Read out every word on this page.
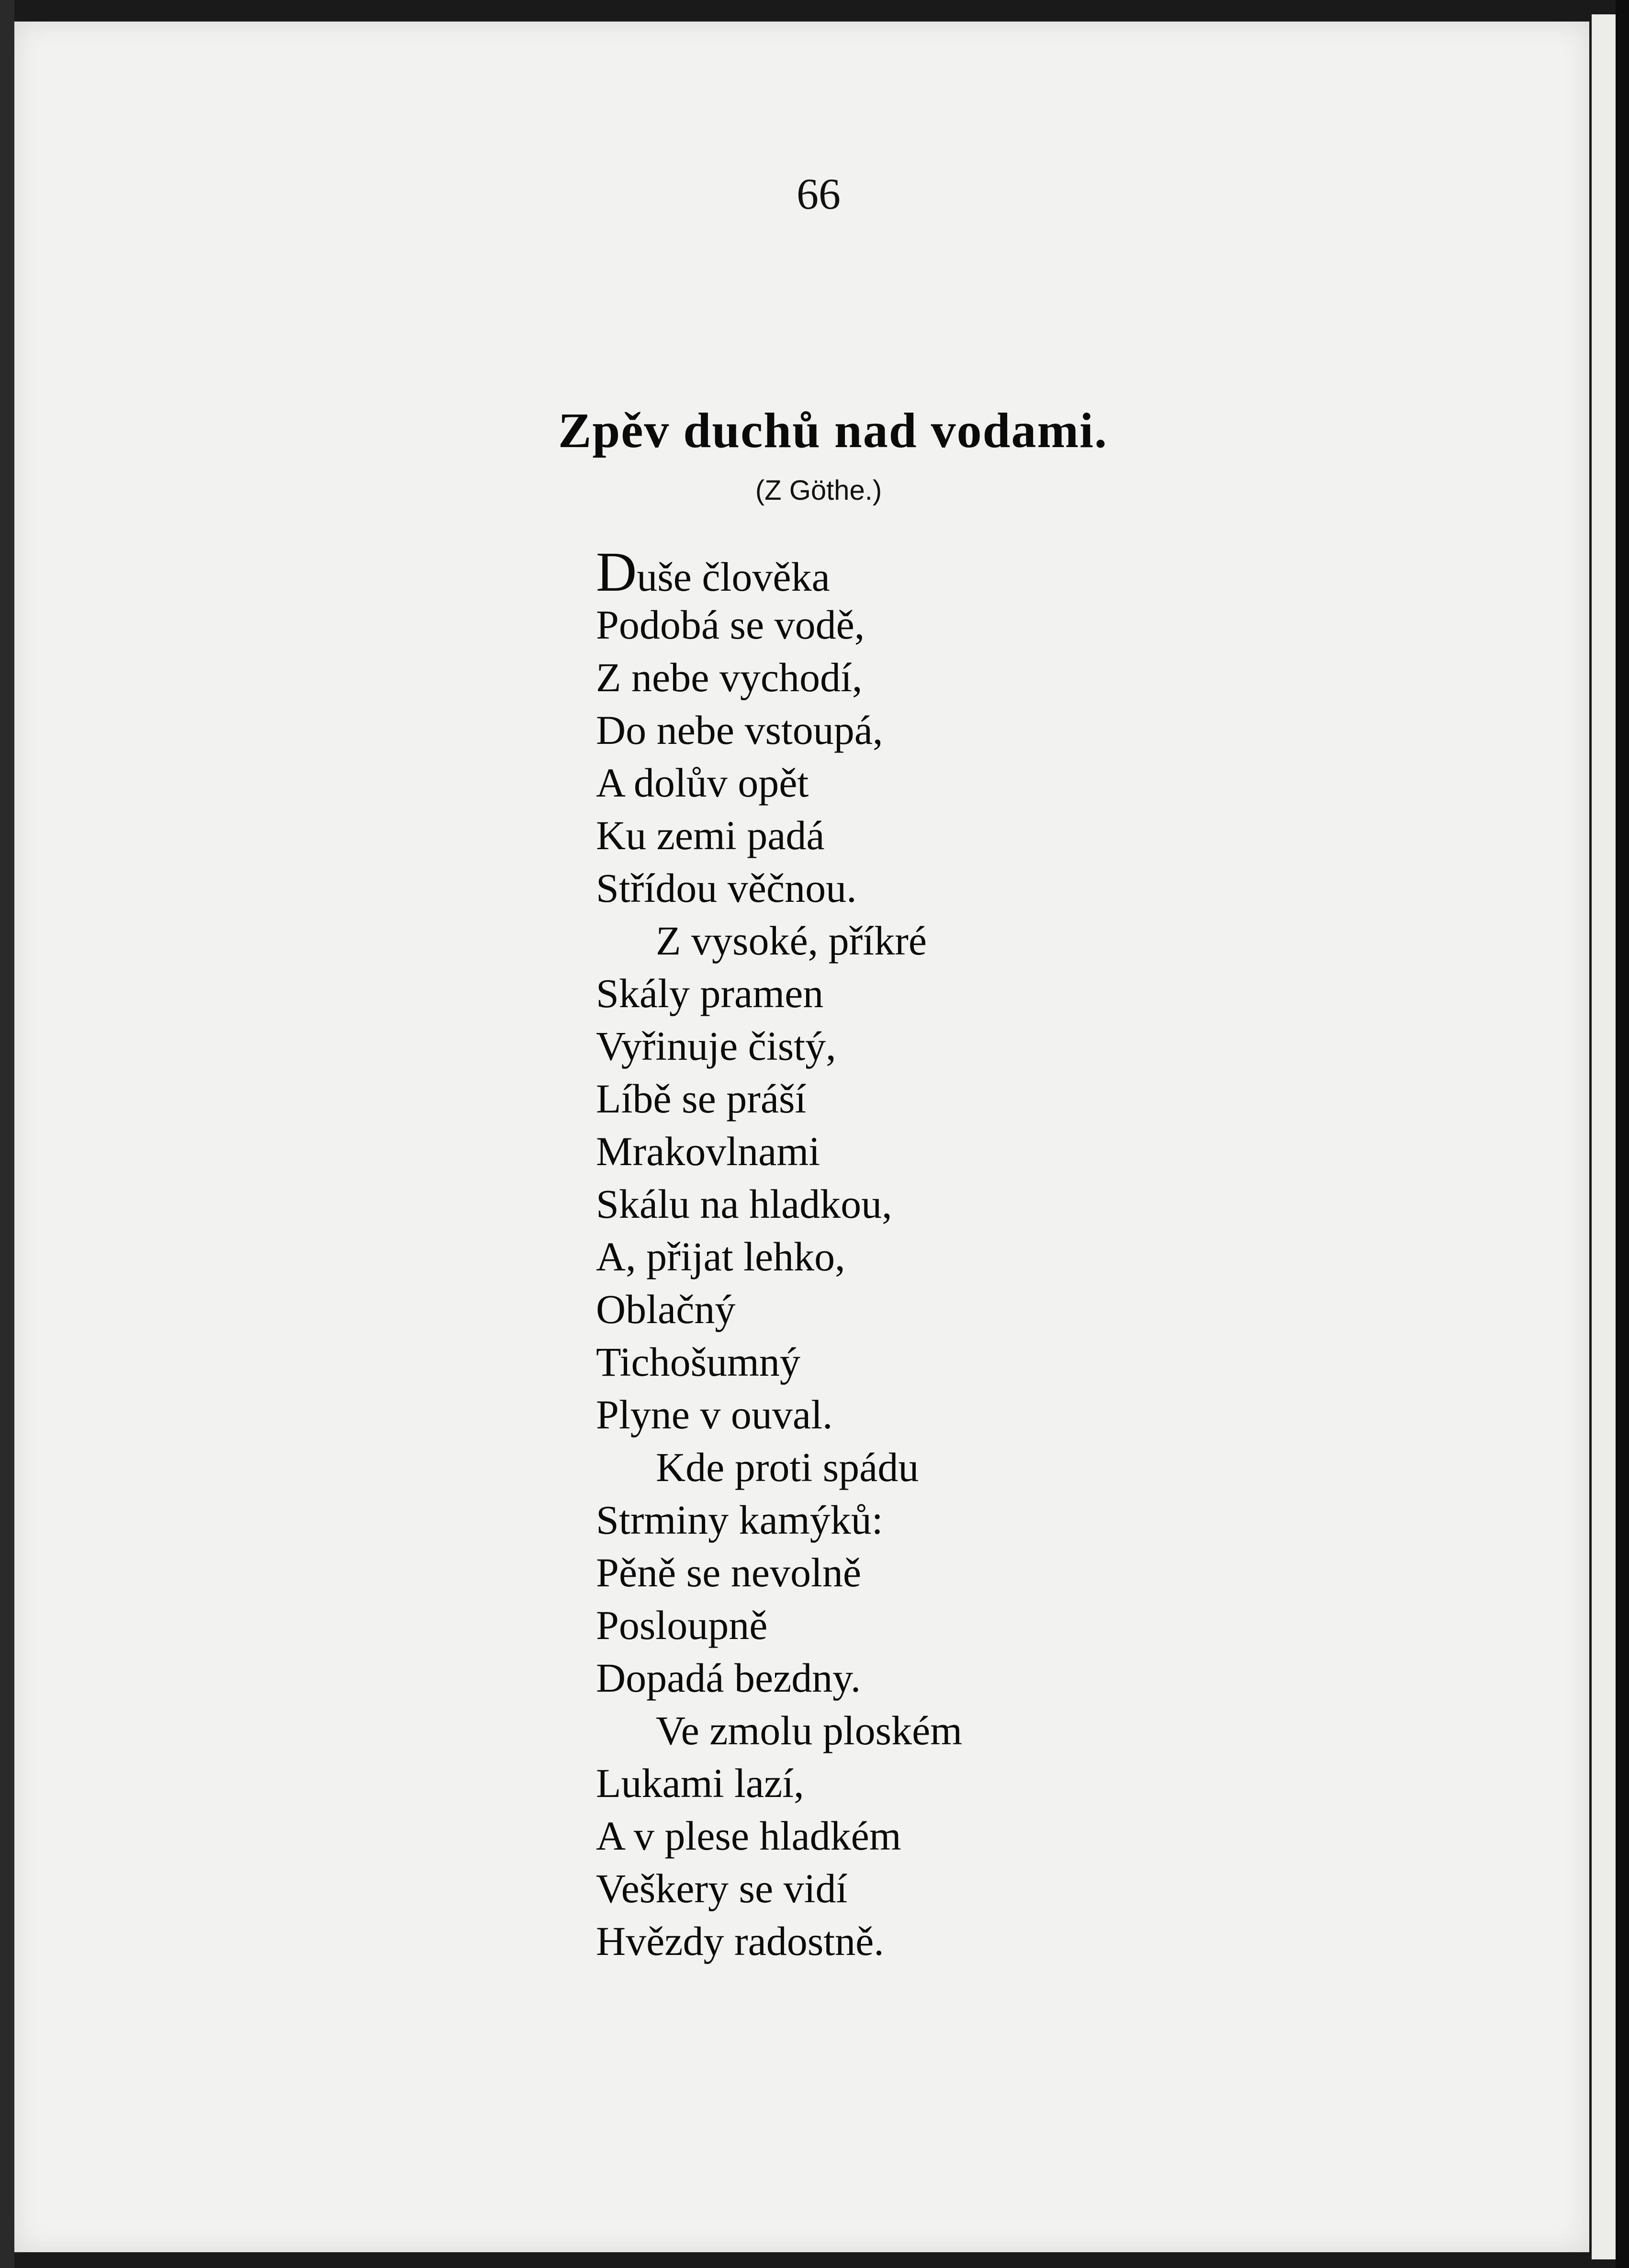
66
Zpěv duchů nad vodami.
(Z Göthe.)
Duše člověka
Podobá se vodě,
Z nebe vychodí,
Do nebe vstoupá,
A dolův opět
Ku zemi padá
Střídou věčnou.
Z vysoké, příkré
Skály pramen
Vyřinuje čistý,
Líbě se práší
Mrakovlnami
Skálu na hladkou,
A, přijat lehko,
Oblačný
Tichošumný
Plyne v ouval.
Kde proti spádu
Strminy kamýků:
Pěně se nevolně
Posloupně
Dopadá bezdny.
Ve zmolu ploském
Lukami lazí,
A v plese hladkém
Veškery se vidí
Hvězdy radostně.
